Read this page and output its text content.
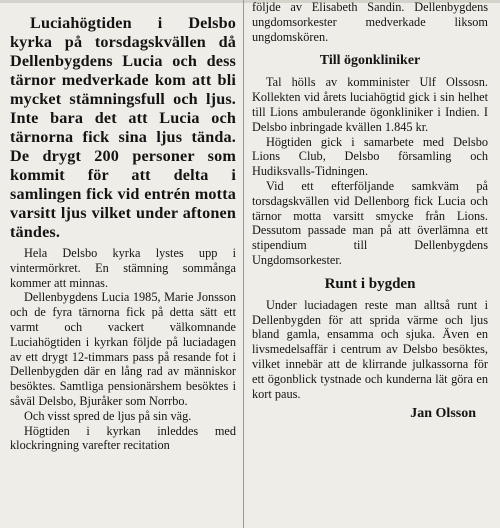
Luciahögtiden i Delsbo kyrka på torsdagskvällen då Dellenbygdens Lucia och dess tärnor medverkade kom att bli mycket stämningsfull och ljus. Inte bara det att Lucia och tärnorna fick sina ljus tända. De drygt 200 personer som kommit för att delta i samlingen fick vid entrén motta varsitt ljus vilket under aftonen tändes.

Hela Delsbo kyrka lystes upp i vintermörkret. En stämning sommånga kommer att minnas.

Dellenbygdens Lucia 1985, Marie Jonsson och de fyra tärnorna fick på detta sätt ett varmt och vackert välkomnande Luciahögtiden i kyrkan följde på luciadagen av ett drygt 12-timmars pass på resande fot i Dellenbygden där en lång rad av människor besöktes. Samtliga pensionärshem besöktes i såväl Delsbo, Bjuråker som Norrbo.

Och visst spred de ljus på sin väg.

Högtiden i kyrkan inleddes med klockringning varefter recitation

följde av Elisabeth Sandin. Dellenbygdens ungdomsorkester medverkade liksom ungdomskören.

Till ögonkliniker

Tal hölls av komminister Ulf Olssosn. Kollekten vid årets luciahögtid gick i sin helhet till Lions ambulerande ögonkliniker i Indien. I Delsbo inbringade kvällen 1.845 kr.

Högtiden gick i samarbete med Delsbo Lions Club, Delsbo församling och Hudiksvalls-Tidningen.

Vid ett efterföljande samkväm på torsdagskvällen vid Dellenborg fick Lucia och tärnor motta varsitt smycke från Lions. Dessutom passade man på att överlämna ett stipendium till Dellenbygdens Ungdomsorkester.

Runt i bygden

Under luciadagen reste man alltså runt i Dellenbygden för att sprida värme och ljus bland gamla, ensamma och sjuka. Även en livsmedelsaffär i centrum av Delsbo besöktes, vilket innebär att de klirrande julkassorna för ett ögonblick tystnade och kunderna lät göra en kort paus.

Jan Olsson
